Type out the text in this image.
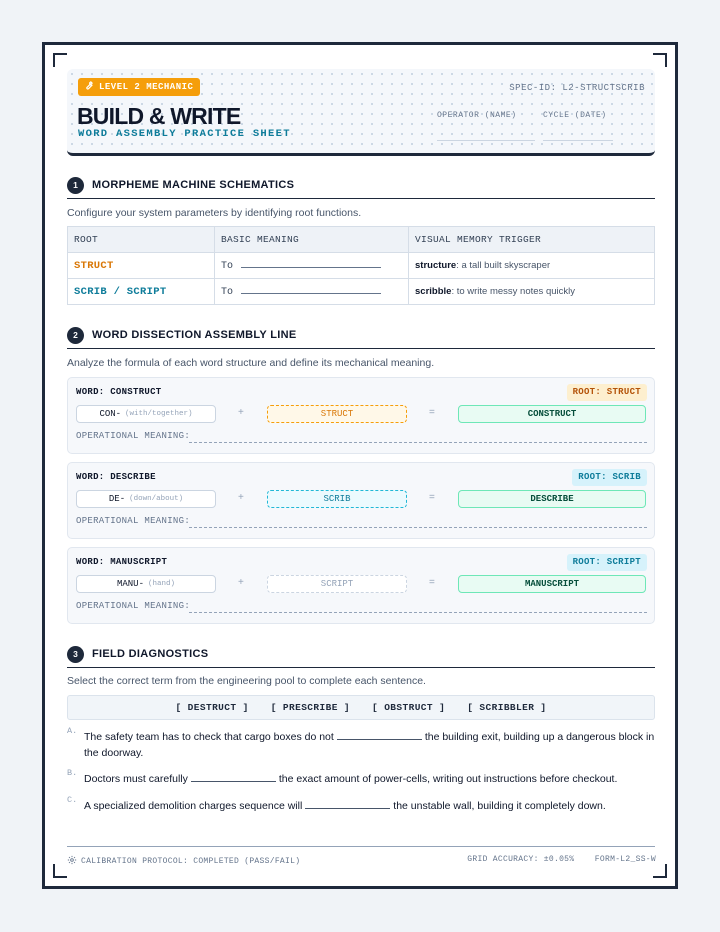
LEVEL 2 MECHANIC
BUILD & WRITE
WORD ASSEMBLY PRACTICE SHEET
SPEC-ID: L2-STRUCTSCRIB
OPERATOR (NAME)	CYCLE (DATE)
1	MORPHEME MACHINE SCHEMATICS
Configure your system parameters by identifying root functions.
ROOT	BASIC MEANING	VISUAL MEMORY TRIGGER
STRUCT	To	structure: a tall built skyscraper
SCRIB / SCRIPT	To	scribble: to write messy notes quickly
2	WORD DISSECTION ASSEMBLY LINE
Analyze the formula of each word structure and define its mechanical meaning.
WORD: CONSTRUCT	ROOT: STRUCT
CON- (with/together)	+	STRUCT	=	CONSTRUCT
OPERATIONAL MEANING:
WORD: DESCRIBE	ROOT: SCRIB
DE- (down/about)	+	SCRIB	=	DESCRIBE
OPERATIONAL MEANING:
WORD: MANUSCRIPT	ROOT: SCRIPT
MANU- (hand)	+	SCRIPT	=	MANUSCRIPT
OPERATIONAL MEANING:
3	FIELD DIAGNOSTICS
Select the correct term from the engineering pool to complete each sentence.
[ DESTRUCT ] [ PRESCRIBE ] [ OBSTRUCT ] [ SCRIBBLER ]
A. The safety team has to check that cargo boxes do not	the building exit, building up a dangerous block in the doorway.
B. Doctors must carefully	the exact amount of power-cells, writing out instructions before checkout.
C. A specialized demolition charges sequence will	the unstable wall, building it completely down.
CALIBRATION PROTOCOL: COMPLETED (PASS/FAIL)	GRID ACCURACY: ±0.05%    FORM-L2_SS-W
